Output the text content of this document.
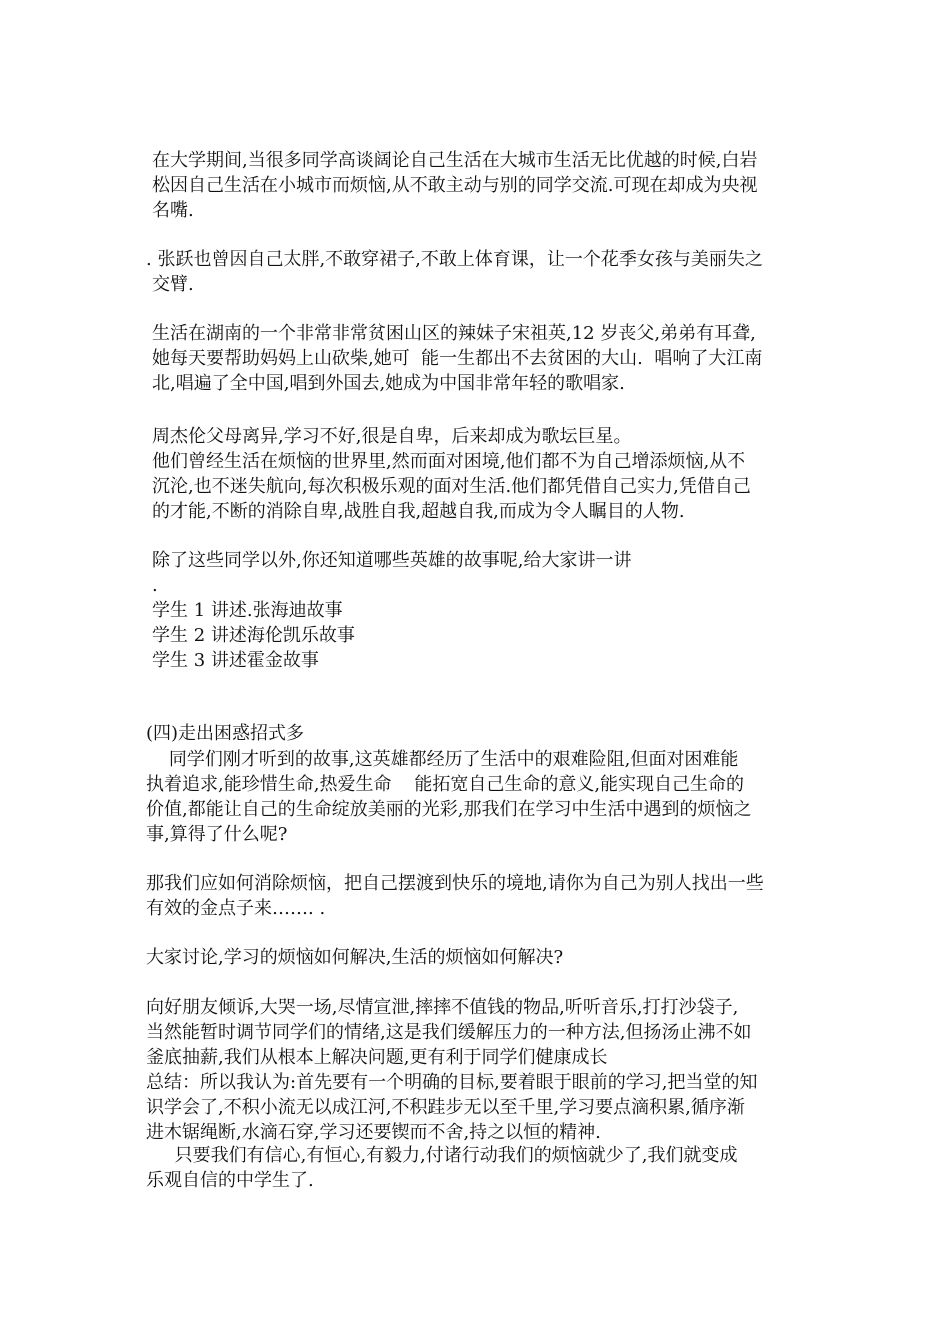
在大学期间,当很多同学高谈阔论自己生活在大城市生活无比优越的时候,白岩
松因自己生活在小城市而烦恼,从不敢主动与别的同学交流.可现在却成为央视
名嘴.

. 张跃也曾因自己太胖,不敢穿裙子,不敢上体育课，让一个花季女孩与美丽失之
交臂.

生活在湖南的一个非常非常贫困山区的辣妹子宋祖英,12 岁丧父,弟弟有耳聋,
她每天要帮助妈妈上山砍柴,她可  能一生都出不去贫困的大山.  唱响了大江南
北,唱遍了全中国,唱到外国去,她成为中国非常年轻的歌唱家.

周杰伦父母离异,学习不好,很是自卑，后来却成为歌坛巨星。
他们曾经生活在烦恼的世界里,然而面对困境,他们都不为自己增添烦恼,从不
沉沦,也不迷失航向,每次积极乐观的面对生活.他们都凭借自己实力,凭借自己
的才能,不断的消除自卑,战胜自我,超越自我,而成为令人瞩目的人物.

除了这些同学以外,你还知道哪些英雄的故事呢,给大家讲一讲
.
学生 1 讲述.张海迪故事
学生 2 讲述海伦凯乐故事
学生 3 讲述霍金故事

(四)走出困惑招式多

同学们刚才听到的故事,这英雄都经历了生活中的艰难险阻,但面对困难能
执着追求,能珍惜生命,热爱生命    能拓宽自己生命的意义,能实现自己生命的
价值,都能让自己的生命绽放美丽的光彩,那我们在学习中生活中遇到的烦恼之
事,算得了什么呢?

那我们应如何消除烦恼，把自己摆渡到快乐的境地,请你为自己为别人找出一些
有效的金点子来……. .

大家讨论,学习的烦恼如何解决,生活的烦恼如何解决?

向好朋友倾诉,大哭一场,尽情宣泄,摔摔不值钱的物品,听听音乐,打打沙袋子,
当然能暂时调节同学们的情绪,这是我们缓解压力的一种方法,但扬汤止沸不如
釜底抽薪,我们从根本上解决问题,更有利于同学们健康成长
总结：所以我认为:首先要有一个明确的目标,要着眼于眼前的学习,把当堂的知
识学会了,不积小流无以成江河,不积跬步无以至千里,学习要点滴积累,循序渐
进木锯绳断,水滴石穿,学习还要锲而不舍,持之以恒的精神.

只要我们有信心,有恒心,有毅力,付诸行动我们的烦恼就少了,我们就变成
乐观自信的中学生了.
